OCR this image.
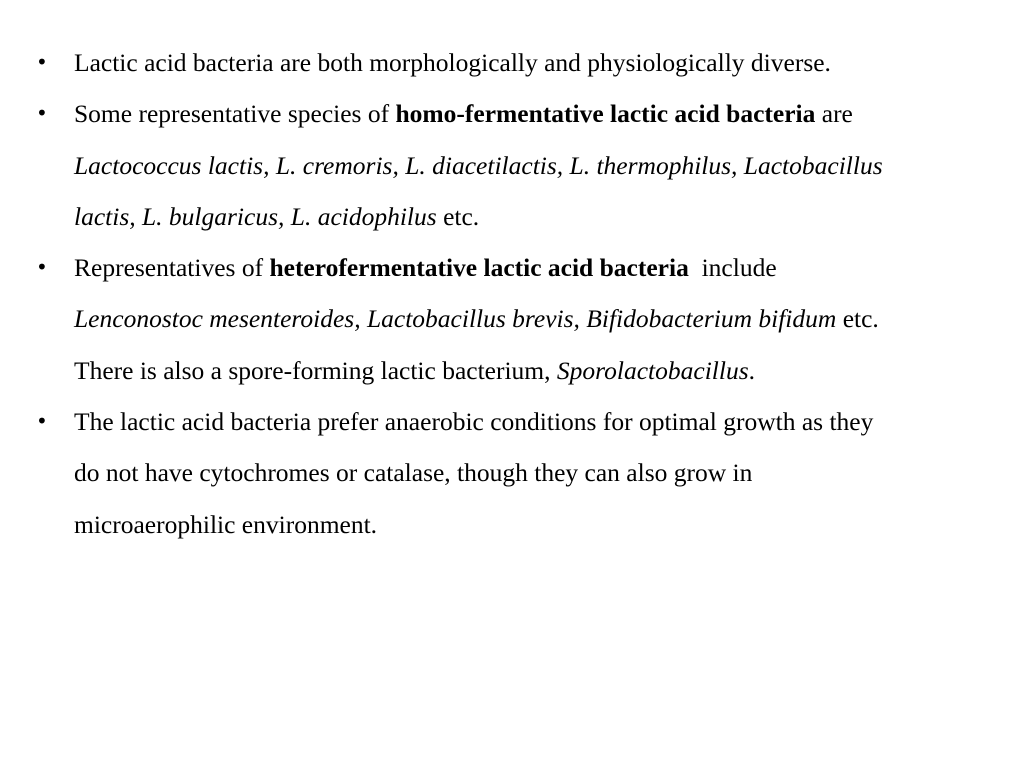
•	Lactic acid bacteria are both morphologically and physiologically diverse.
•	Some representative species of homo-fermentative lactic acid bacteria are
Lactococcus lactis, L. cremoris, L. diacetilactis, L. thermophilus, Lactobacillus
lactis, L. bulgaricus, L. acidophilus etc.
•	Representatives of heterofermentative lactic acid bacteria  include
Lenconostoc mesenteroides, Lactobacillus brevis, Bifidobacterium bifidum etc.
There is also a spore-forming lactic bacterium, Sporolactobacillus.
•	The lactic acid bacteria prefer anaerobic conditions for optimal growth as they
do not have cytochromes or catalase, though they can also grow in
microaerophilic environment.
